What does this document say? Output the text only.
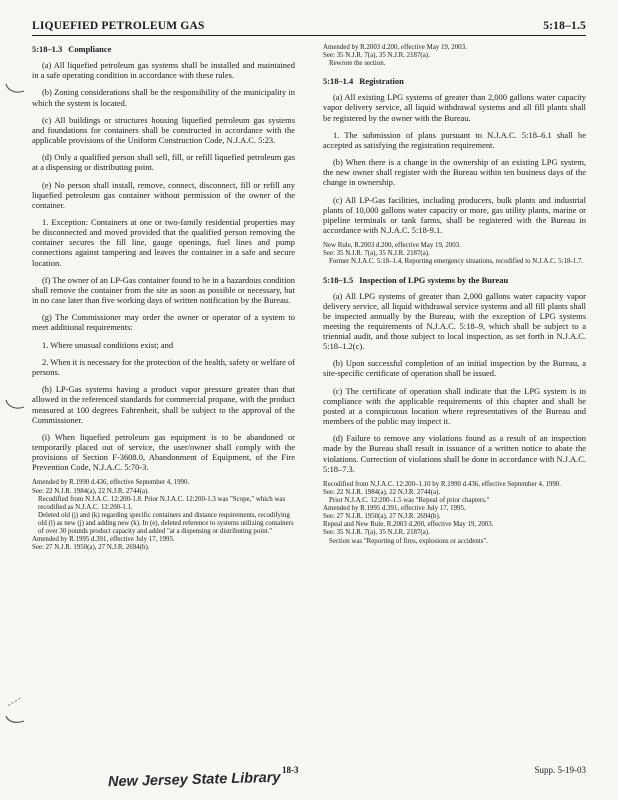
LIQUEFIED PETROLEUM GAS	5:18–1.5

5:18–1.3 Compliance

(a) All liquefied petroleum gas systems shall be installed and maintained in a safe operating condition in accordance with these rules.

(b) Zoning considerations shall be the responsibility of the municipality in which the system is located.

(c) All buildings or structures housing liquefied petroleum gas systems and foundations for containers shall be constructed in accordance with the applicable provisions of the Uniform Construction Code, N.J.A.C. 5:23.

(d) Only a qualified person shall sell, fill, or refill liquefied petroleum gas at a dispensing or distributing point.

(e) No person shall install, remove, connect, disconnect, fill or refill any liquefied petroleum gas container without permission of the owner of the container.

1. Exception: Containers at one or two-family residential properties may be disconnected and moved provided that the qualified person removing the container secures the fill line, gauge openings, fuel lines and pump connections against tampering and leaves the container in a safe and secure location.

(f) The owner of an LP-Gas container found to be in a hazardous condition shall remove the container from the site as soon as possible or necessary, but in no case later than five working days of written notification by the Bureau.

(g) The Commissioner may order the owner or operator of a system to meet additional requirements:

1. Where unusual conditions exist; and

2. When it is necessary for the protection of the health, safety or welfare of persons.

(h) LP-Gas systems having a product vapor pressure greater than that allowed in the referenced standards for commercial propane, with the product measured at 100 degrees Fahrenheit, shall be subject to the approval of the Commissioner.

(i) When liquefied petroleum gas equipment is to be abandoned or temporarily placed out of service, the user/owner shall comply with the provisions of Section F-3608.0, Abandonment of Equipment, of the Fire Prevention Code, N.J.A.C. 5:70-3.

Amended by R.1990 d.436, effective September 4, 1990.
See: 22 N.J.R. 1984(a), 22 N.J.R. 2744(a).
Recodified from N.J.A.C. 12:200-1.8. Prior N.J.A.C. 12:200-1.3 was "Scope," which was recodified as N.J.A.C. 12:200-1.1.
Deleted old (j) and (k) regarding specific containers and distance requirements, recodifying old (l) as new (j) and adding new (k). In (e), deleted reference to systems utilizing containers of over 30 pounds product capacity and added "at a dispensing or distributing point."
Amended by R.1995 d.391, effective July 17, 1995.
See: 27 N.J.R. 1950(a), 27 N.J.R. 2694(b).
Amended by R.2003 d.200, effective May 19, 2003.
See: 35 N.J.R. 7(a), 35 N.J.R. 2187(a).
Rewrote the section.

5:18–1.4 Registration

(a) All existing LPG systems of greater than 2,000 gallons water capacity vapor delivery service, all liquid withdrawal systems and all fill plants shall be registered by the owner with the Bureau.

1. The submission of plans pursuant to N.J.A.C. 5:18–6.1 shall be accepted as satisfying the registration requirement.

(b) When there is a change in the ownership of an existing LPG system, the new owner shall register with the Bureau within ten business days of the change in ownership.

(c) All LP-Gas facilities, including producers, bulk plants and industrial plants of 10,000 gallons water capacity or more, gas utility plants, marine or pipeline terminals or tank farms, shall be registered with the Bureau in accordance with N.J.A.C. 5:18-9.1.

New Rule, R.2003 d.200, effective May 19, 2003.
See: 35 N.J.R. 7(a), 35 N.J.R. 2187(a).
Former N.J.A.C. 5:18–1.4, Reporting emergency situations, recodified to N.J.A.C. 5:18-1.7.

5:18–1.5 Inspection of LPG systems by the Bureau

(a) All LPG systems of greater than 2,000 gallons water capacity vapor delivery service, all liquid withdrawal service systems and all fill plants shall be inspected annually by the Bureau, with the exception of LPG systems meeting the requirements of N.J.A.C. 5:18–9, which shall be subject to a triennial audit, and those subject to local inspection, as set forth in N.J.A.C. 5:18–1.2(c).

(b) Upon successful completion of an initial inspection by the Bureau, a site-specific certificate of operation shall be issued.

(c) The certificate of operation shall indicate that the LPG system is in compliance with the applicable requirements of this chapter and shall be posted at a conspicuous location where representatives of the Bureau and members of the public may inspect it.

(d) Failure to remove any violations found as a result of an inspection made by the Bureau shall result in issuance of a written notice to abate the violations. Correction of violations shall be done in accordance with N.J.A.C. 5:18–7.3.

Recodified from N.J.A.C. 12:200–1.10 by R.1990 d.436, effective September 4, 1990.
See: 22 N.J.R. 1984(a), 22 N.J.R. 2744(a).
Prior N.J.A.C. 12:200–1.5 was "Repeal of prior chapters."
Amended by R.1995 d.391, effective July 17, 1995.
See: 27 N.J.R. 1950(a), 27 N.J.R. 2694(b).
Repeal and New Rule, R.2003 d.200, effective May 19, 2003.
See: 35 N.J.R. 7(a), 35 N.J.R. 2187(a).
Section was "Reporting of fires, explosions or accidents".
18-3	Supp. 5-19-03
New Jersey State Library
